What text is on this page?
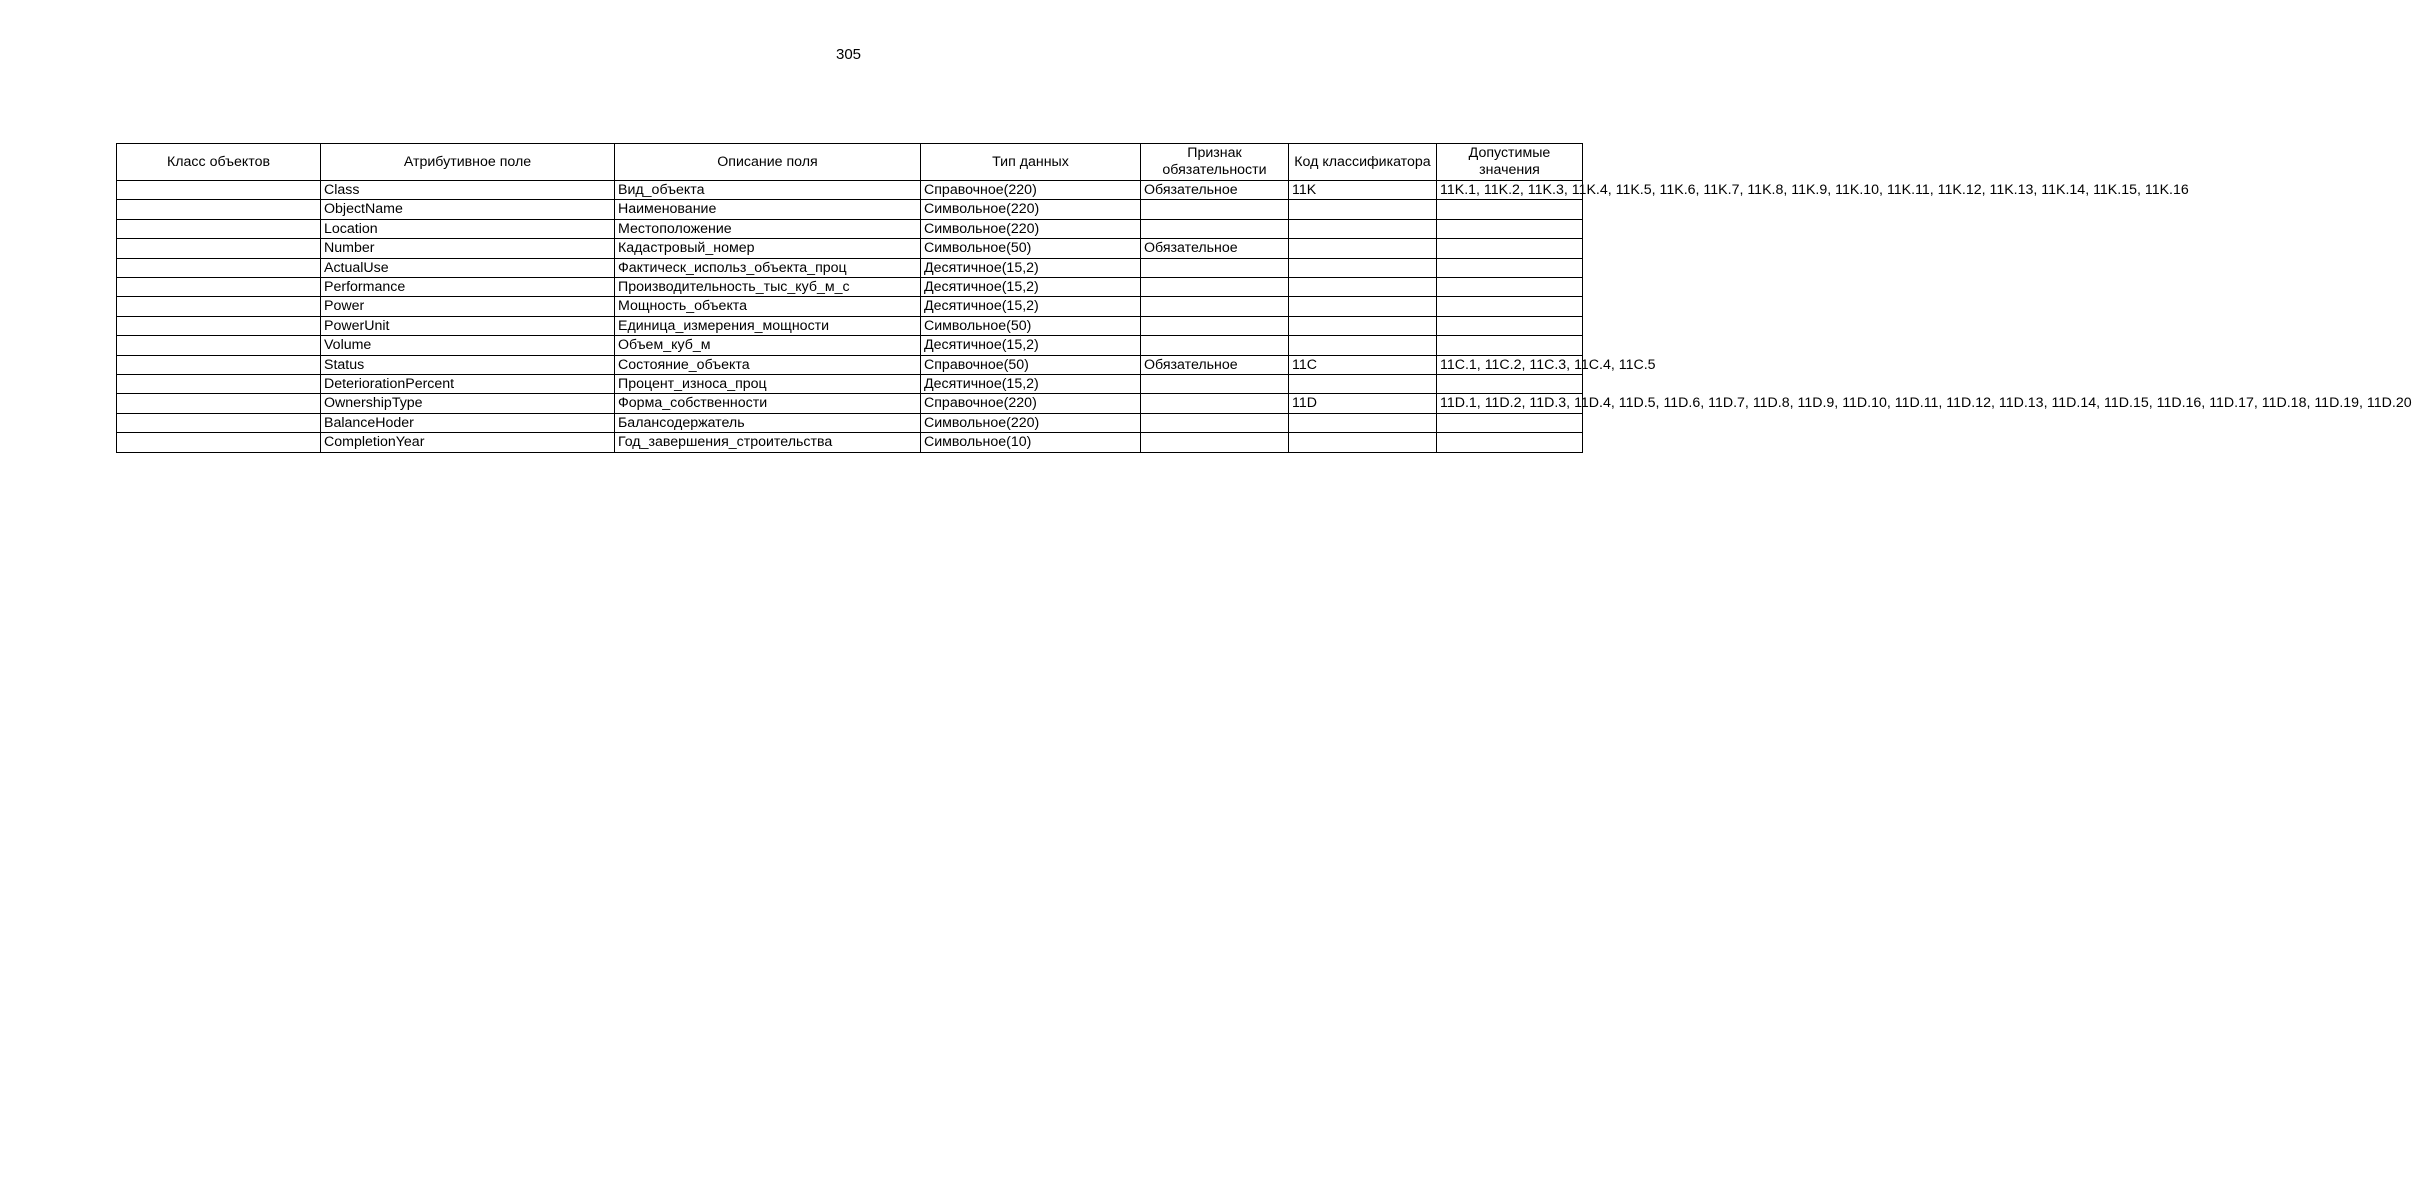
305
Класс объектов	Атрибутивное поле	Описание поля	Тип данных	Признак обязательности	Код классификатора	Допустимые значения
	Class	Вид_объекта	Справочное(220)	Обязательное	11K	11K.1, 11K.2, 11K.3, 11K.4, 11K.5, 11K.6, 11K.7, 11K.8, 11K.9, 11K.10, 11K.11, 11K.12, 11K.13, 11K.14, 11K.15, 11K.16
	ObjectName	Наименование	Символьное(220)			
	Location	Местоположение	Символьное(220)			
	Number	Кадастровый_номер	Символьное(50)	Обязательное		
	ActualUse	Фактическ_использ_объекта_проц	Десятичное(15,2)			
	Performance	Производительность_тыс_куб_м_с	Десятичное(15,2)			
	Power	Мощность_объекта	Десятичное(15,2)			
	PowerUnit	Единица_измерения_мощности	Символьное(50)			
	Volume	Объем_куб_м	Десятичное(15,2)			
	Status	Состояние_объекта	Справочное(50)	Обязательное	11C	11C.1, 11C.2, 11C.3, 11C.4, 11C.5
	DeteriorationPercent	Процент_износа_проц	Десятичное(15,2)			
	OwnershipType	Форма_собственности	Справочное(220)		11D	11D.1, 11D.2, 11D.3, 11D.4, 11D.5, 11D.6, 11D.7, 11D.8, 11D.9, 11D.10, 11D.11, 11D.12, 11D.13, 11D.14, 11D.15, 11D.16, 11D.17, 11D.18, 11D.19, 11D.20
	BalanceHoder	Балансодержатель	Символьное(220)			
	CompletionYear	Год_завершения_строительства	Символьное(10)			
